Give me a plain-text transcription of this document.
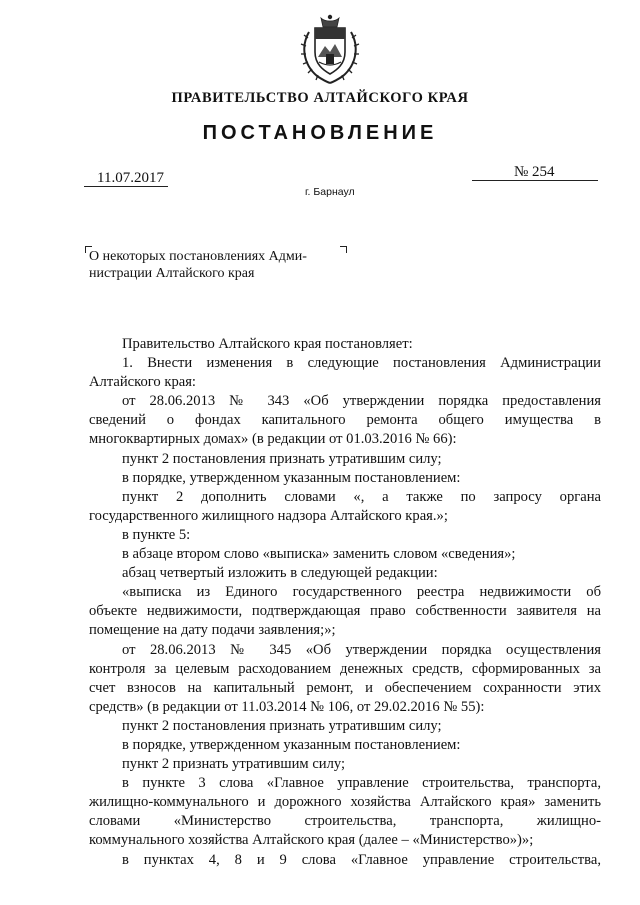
ПРАВИТЕЛЬСТВО АЛТАЙСКОГО КРАЯ
ПОСТАНОВЛЕНИЕ
11.07.2017	№ 254
г. Барнаул
О некоторых постановлениях Адми-
нистрации Алтайского края

Правительство Алтайского края постановляет:

1. Внести изменения в следующие постановления Администрации

Алтайского края:

от 28.06.2013 № 343 «Об утверждении порядка предоставления

сведений о фондах капитального ремонта общего имущества в

многоквартирных домах» (в редакции от 01.03.2016 № 66):

пункт 2 постановления признать утратившим силу;

в порядке, утвержденном указанным постановлением:

пункт 2 дополнить словами «, а также по запросу органа

государственного жилищного надзора Алтайского края.»;

в пункте 5:

в абзаце втором слово «выписка» заменить словом «сведения»;

абзац четвертый изложить в следующей редакции:

«выписка из Единого государственного реестра недвижимости об

объекте недвижимости, подтверждающая право собственности заявителя на

помещение на дату подачи заявления;»;

от 28.06.2013 № 345 «Об утверждении порядка осуществления

контроля за целевым расходованием денежных средств, сформированных за

счет взносов на капитальный ремонт, и обеспечением сохранности этих

средств» (в редакции от 11.03.2014 № 106, от 29.02.2016 № 55):

пункт 2 постановления признать утратившим силу;

в порядке, утвержденном указанным постановлением:

пункт 2 признать утратившим силу;

в пункте 3 слова «Главное управление строительства, транспорта,

жилищно-коммунального и дорожного хозяйства Алтайского края» заменить

словами «Министерство строительства, транспорта, жилищно-

коммунального хозяйства Алтайского края (далее – «Министерство»)»;

в пунктах 4, 8 и 9 слова «Главное управление строительства,
